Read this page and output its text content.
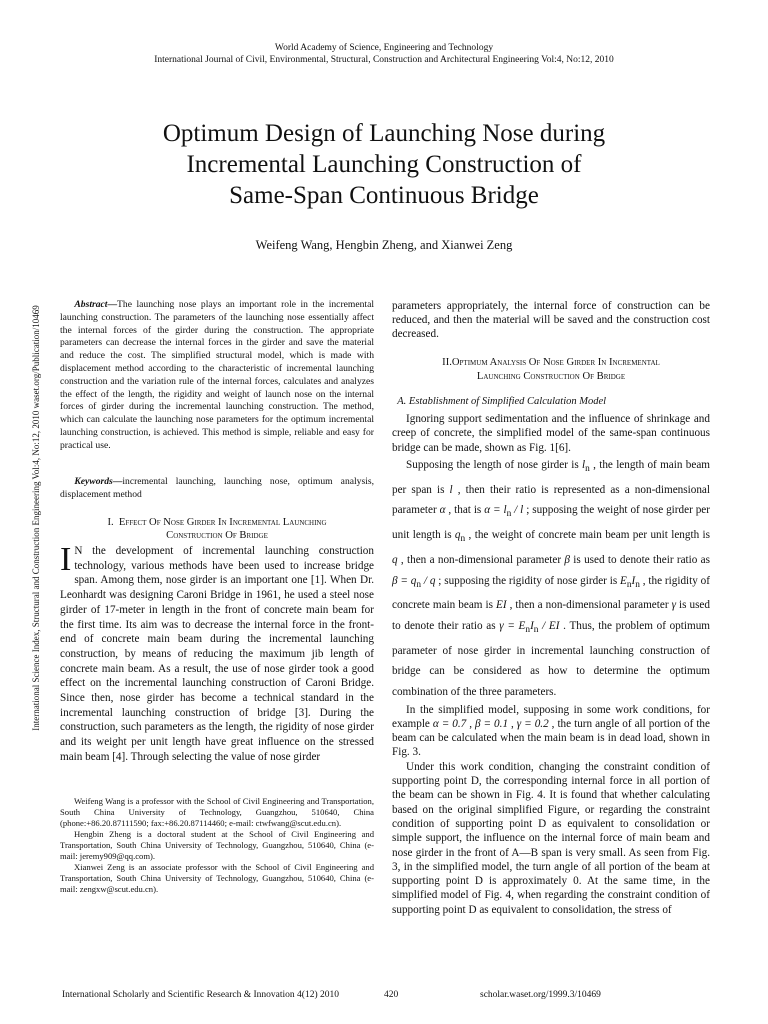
World Academy of Science, Engineering and Technology
International Journal of Civil, Environmental, Structural, Construction and Architectural Engineering Vol:4, No:12, 2010
Optimum Design of Launching Nose during
Incremental Launching Construction of
Same-Span Continuous Bridge
Weifeng Wang, Hengbin Zheng, and Xianwei Zeng
International Science Index, Structural and Construction Engineering Vol:4, No:12, 2010 waset.org/Publication/10469
  Abstract—The launching nose plays an important role in the incremental launching construction. The parameters of the launching nose essentially affect the internal forces of the girder during the construction. The appropriate parameters can decrease the internal forces in the girder and save the material and reduce the cost. The simplified structural model, which is made with displacement method according to the characteristic of incremental launching construction and the variation rule of the internal forces, calculates and analyzes the effect of the length, the rigidity and weight of launch nose on the internal forces of girder during the incremental launching construction. The method, which can calculate the launching nose parameters for the optimum incremental launching construction, is achieved. This method is simple, reliable and easy for practical use.
  Keywords—incremental launching, launching nose, optimum analysis, displacement method
I.  Effect Of Nose Girder In Incremental Launching
Construction Of Bridge
I N the development of incremental launching construction technology, various methods have been used to increase bridge span. Among them, nose girder is an important one [1]. When Dr. Leonhardt was designing Caroni Bridge in 1961, he used a steel nose girder of 17-meter in length in the front of concrete main beam for the first time. Its aim was to decrease the internal force in the front-end of concrete main beam during the incremental launching construction, by means of reducing the maximum jib length of concrete main beam. As a result, the use of nose girder took a good effect on the incremental launching construction of Caroni Bridge. Since then, nose girder has become a technical standard in the incremental launching construction of bridge [3]. During the construction, such parameters as the length, the rigidity of nose girder and its weight per unit length have great influence on the stressed main beam [4]. Through selecting the value of nose girder

Weifeng Wang is a professor with the School of Civil Engineering and Transportation, South China University of Technology, Guangzhou, 510640, China (phone:+86.20.87111590; fax:+86.20.87114460; e-mail: ctwfwang@scut.edu.cn).

Hengbin Zheng is a doctoral student at the School of Civil Engineering and Transportation, South China University of Technology, Guangzhou, 510640, China (e-mail: jeremy909@qq.com).

Xianwei Zeng is an associate professor with the School of Civil Engineering and Transportation, South China University of Technology, Guangzhou, 510640, China (e-mail: zengxw@scut.edu.cn).

parameters appropriately, the internal force of construction can be reduced, and then the material will be saved and the construction cost decreased.
II.Optimum Analysis Of Nose Girder In Incremental
Launching Construction Of Bridge
 A. Establishment of Simplified Calculation Model

Ignoring support sedimentation and the influence of shrinkage and creep of concrete, the simplified model of the same-span continuous bridge can be made, shown as Fig. 1[6].

Supposing the length of nose girder is $l_n$ , the length of main beam per span is l , then their ratio is represented as a non-dimensional parameter α , that is $\alpha = l_n / l$ ; supposing the weight of nose girder per unit length is $q_n$ , the weight of concrete main beam per unit length is q , then a non-dimensional parameter β is used to denote their ratio as $\beta = q_n / q$ ; supposing the rigidity of nose girder is $E_nI_n$ , the rigidity of concrete main beam is EI , then a non-dimensional parameter γ is used to denote their ratio as $\gamma = E_nI_n$ / EI . Thus, the problem of optimum parameter of nose girder in incremental launching construction of bridge can be considered as how to determine the optimum combination of the three parameters.

In the simplified model, supposing in some work conditions, for example α = 0.7 , β = 0.1 , γ = 0.2 , the turn angle of all portion of the beam can be calculated when the main beam is in dead load, shown in Fig. 3.

Under this work condition, changing the constraint condition of supporting point D, the corresponding internal force in all portion of the beam can be shown in Fig. 4. It is found that whether calculating based on the original simplified Figure, or regarding the constraint condition of supporting point D as equivalent to consolidation or simple support, the influence on the internal force of main beam and nose girder in the front of A—B span is very small. As seen from Fig. 3, in the simplified model, the turn angle of all portion of the beam at supporting point D is approximately 0. At the same time, in the simplified model of Fig. 4, when regarding the constraint condition of supporting point D as equivalent to consolidation, the stress of

International Scholarly and Scientific Research & Innovation 4(12) 2010	420	scholar.waset.org/1999.3/10469
